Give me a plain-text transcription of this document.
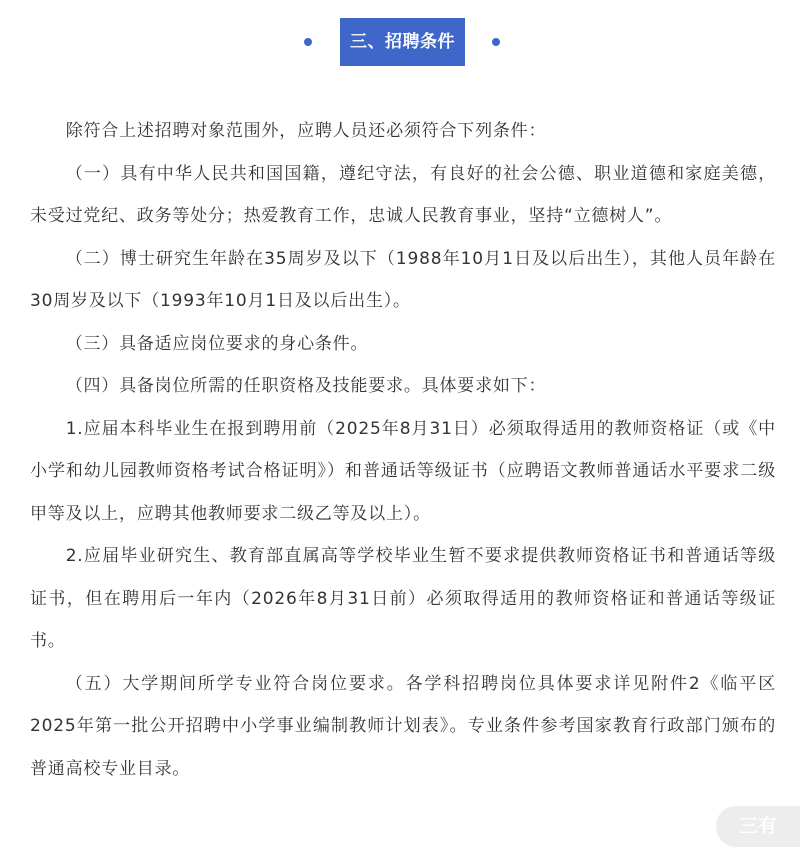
三、招聘条件

除符合上述招聘对象范围外，应聘人员还必须符合下列条件：

（一）具有中华人民共和国国籍，遵纪守法，有良好的社会公德、职业道德和家庭美德，未受过党纪、政务等处分；热爱教育工作，忠诚人民教育事业，坚持“立德树人”。

（二）博士研究生年龄在35周岁及以下（1988年10月1日及以后出生），其他人员年龄在30周岁及以下（1993年10月1日及以后出生）。

（三）具备适应岗位要求的身心条件。

（四）具备岗位所需的任职资格及技能要求。具体要求如下：

1.应届本科毕业生在报到聘用前（2025年8月31日）必须取得适用的教师资格证（或《中小学和幼儿园教师资格考试合格证明》）和普通话等级证书（应聘语文教师普通话水平要求二级甲等及以上，应聘其他教师要求二级乙等及以上）。

2.应届毕业研究生、教育部直属高等学校毕业生暂不要求提供教师资格证书和普通话等级证书，但在聘用后一年内（2026年8月31日前）必须取得适用的教师资格证和普通话等级证书。

（五）大学期间所学专业符合岗位要求。各学科招聘岗位具体要求详见附件2《临平区2025年第一批公开招聘中小学事业编制教师计划表》。专业条件参考国家教育行政部门颁布的普通高校专业目录。

三有
